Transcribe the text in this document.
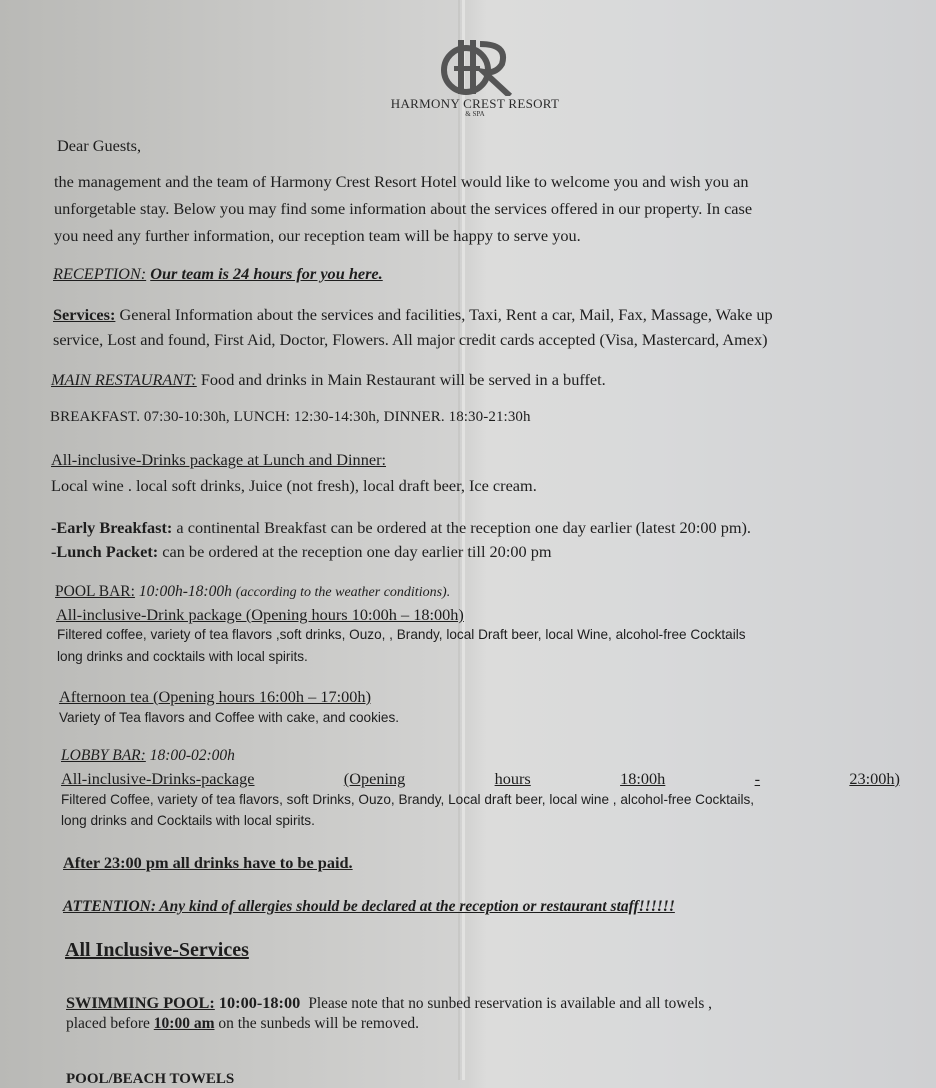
HARMONY CREST RESORT
& SPA
Dear Guests,
the management and the team of Harmony Crest Resort Hotel would like to welcome you and wish you an
unforgetable stay. Below you may find some information about the services offered in our property. In case
you need any further information, our reception team will be happy to serve you.
RECEPTION: Our team is 24 hours for you here.
Services: General Information about the services and facilities, Taxi, Rent a car, Mail, Fax, Massage, Wake up
service, Lost and found, First Aid, Doctor, Flowers. All major credit cards accepted (Visa, Mastercard, Amex)
MAIN RESTAURANT: Food and drinks in Main Restaurant will be served in a buffet.
BREAKFAST. 07:30-10:30h, LUNCH: 12:30-14:30h, DINNER. 18:30-21:30h
All-inclusive-Drinks package at Lunch and Dinner:
Local wine . local soft drinks, Juice (not fresh), local draft beer, Ice cream.
-Early Breakfast: a continental Breakfast can be ordered at the reception one day earlier (latest 20:00 pm).
-Lunch Packet: can be ordered at the reception one day earlier till 20:00 pm
POOL BAR: 10:00h-18:00h (according to the weather conditions).
All-inclusive-Drink package (Opening hours 10:00h – 18:00h)
Filtered coffee, variety of tea flavors ,soft drinks, Ouzo, , Brandy, local Draft beer, local Wine, alcohol-free Cocktails
long drinks and cocktails with local spirits.
Afternoon tea (Opening hours 16:00h – 17:00h)
Variety of Tea flavors and Coffee with cake, and cookies.
LOBBY BAR: 18:00-02:00h
All-inclusive-Drinks-package	(Opening	hours	18:00h	-	23:00h)
Filtered Coffee, variety of tea flavors, soft Drinks, Ouzo, Brandy, Local draft beer, local wine , alcohol-free Cocktails,
long drinks and Cocktails with local spirits.
After 23:00 pm all drinks have to be paid.
ATTENTION: Any kind of allergies should be declared at the reception or restaurant staff!!!!!!
All Inclusive-Services
SWIMMING POOL: 10:00-18:00 Please note that no sunbed reservation is available and all towels ,
placed before 10:00 am on the sunbeds will be removed.
POOL/BEACH TOWELS
